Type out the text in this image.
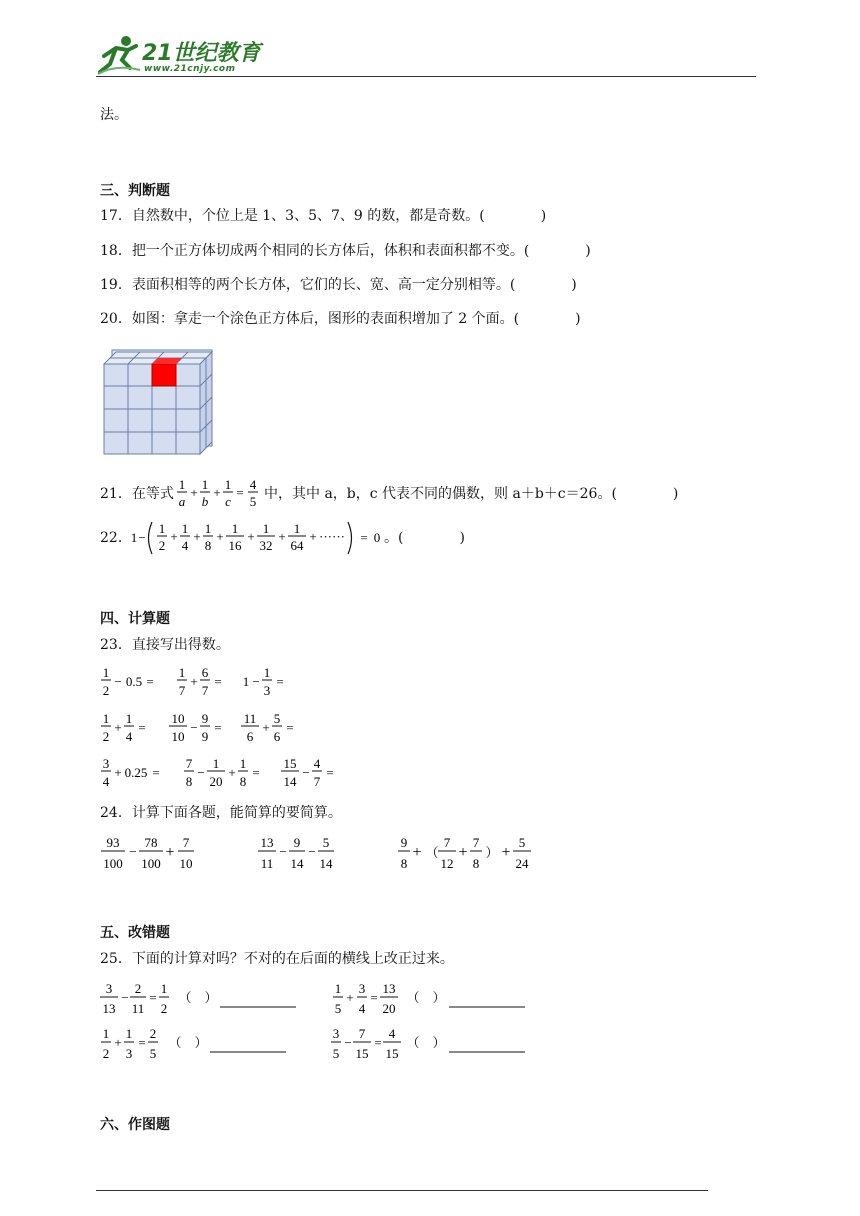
21世纪教育
www.21cnjy.com
法。
三、判断题
17．自然数中，个位上是 1、3、5、7、9 的数，都是奇数。(　　　　)
18．把一个正方体切成两个相同的长方体后，体积和表面积都不变。(　　　　)
19．表面积相等的两个长方体，它们的长、宽、高一定分别相等。(　　　　)
20．如图：拿走一个涂色正方体后，图形的表面积增加了 2 个面。(　　　　)
21．在等式
1
a
+
1
b
+
1
c
=
4
5 中，其中 a，b，c 代表不同的偶数，则 a＋b＋c＝26。(　　　　)
22．
1 −
1
2
+
1
4
+
1
8
+
1
16
+
1
32
+
1
64
+ ······ = 0 。(　　　　)
四、计算题
23．直接写出得数。
1
2
− 0.5 =
1
7
+
6
7
= 1 −
1
3
=
1
2
+
1
4
=
10
10
−
9
9
=
11
6
+
5
6
=
3
4
+ 0.25 =
7
8
−
1
20
+
1
8
=
15
14
−
4
7
=
24．计算下面各题，能简算的要简算。
93
100
−
78
100
+
7
10
13
11
−
9
14
−
5
14
9
8
+ （
7
12
+
7
8
） +
5
24
五、改错题
25．下面的计算对吗？不对的在后面的横线上改正过来。
3
13
−
2
11
=
1
2
（　）
1
5
+
3
4
=
13
20
（　）
1
2
+
1
3
=
2
5
（　）
3
5
−
7
15
=
4
15
（　）
六、作图题
